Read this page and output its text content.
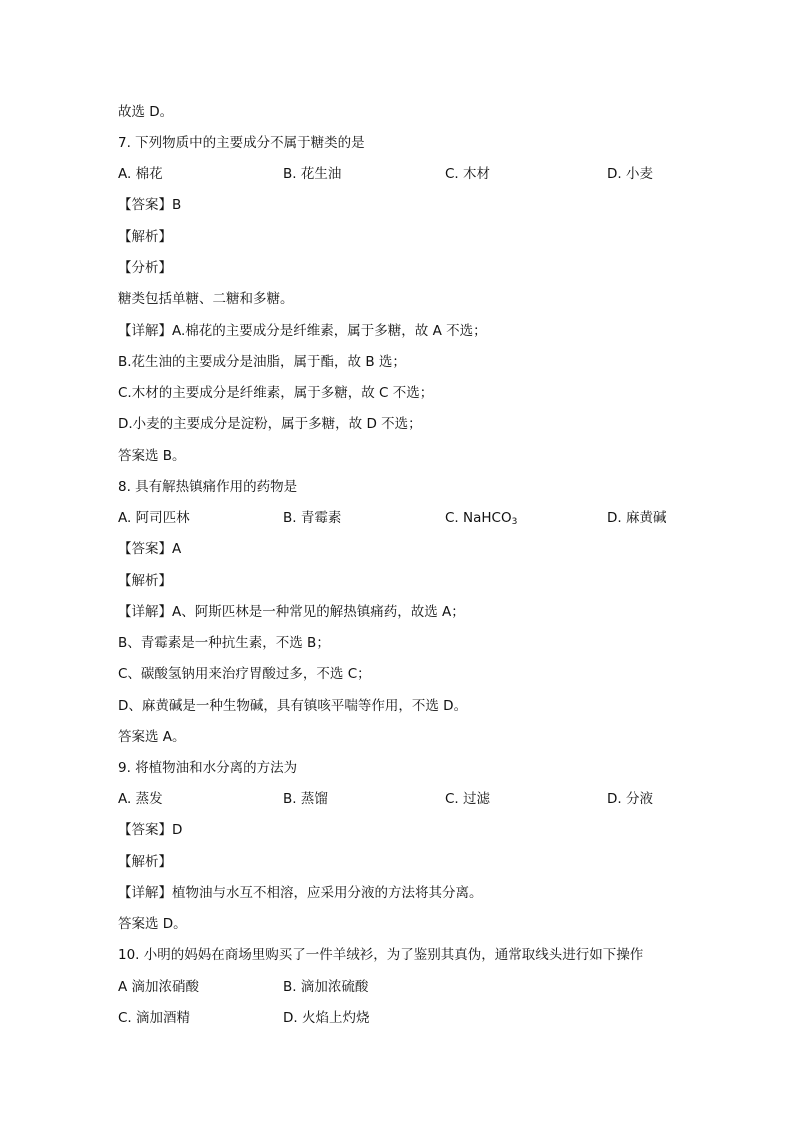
故选 D。
7. 下列物质中的主要成分不属于糖类的是
A. 棉花	B. 花生油	C. 木材	D. 小麦
【答案】B
【解析】
【分析】
糖类包括单糖、二糖和多糖。
【详解】A.棉花的主要成分是纤维素，属于多糖，故 A 不选；
B.花生油的主要成分是油脂，属于酯，故 B 选；
C.木材的主要成分是纤维素，属于多糖，故 C 不选；
D.小麦的主要成分是淀粉，属于多糖，故 D 不选；
答案选 B。
8. 具有解热镇痛作用的药物是
A. 阿司匹林	B. 青霉素	C. NaHCO$_3$	D. 麻黄碱
【答案】A
【解析】
【详解】A、阿斯匹林是一种常见的解热镇痛药，故选 A；
B、青霉素是一种抗生素，不选 B；
C、碳酸氢钠用来治疗胃酸过多，不选 C；
D、麻黄碱是一种生物碱，具有镇咳平喘等作用，不选 D。
答案选 A。
9. 将植物油和水分离的方法为
A. 蒸发	B. 蒸馏	C. 过滤	D. 分液
【答案】D
【解析】
【详解】植物油与水互不相溶，应采用分液的方法将其分离。
答案选 D。
10. 小明的妈妈在商场里购买了一件羊绒衫，为了鉴别其真伪，通常取线头进行如下操作
A 滴加浓硝酸	B. 滴加浓硫酸
C. 滴加酒精	D. 火焰上灼烧
